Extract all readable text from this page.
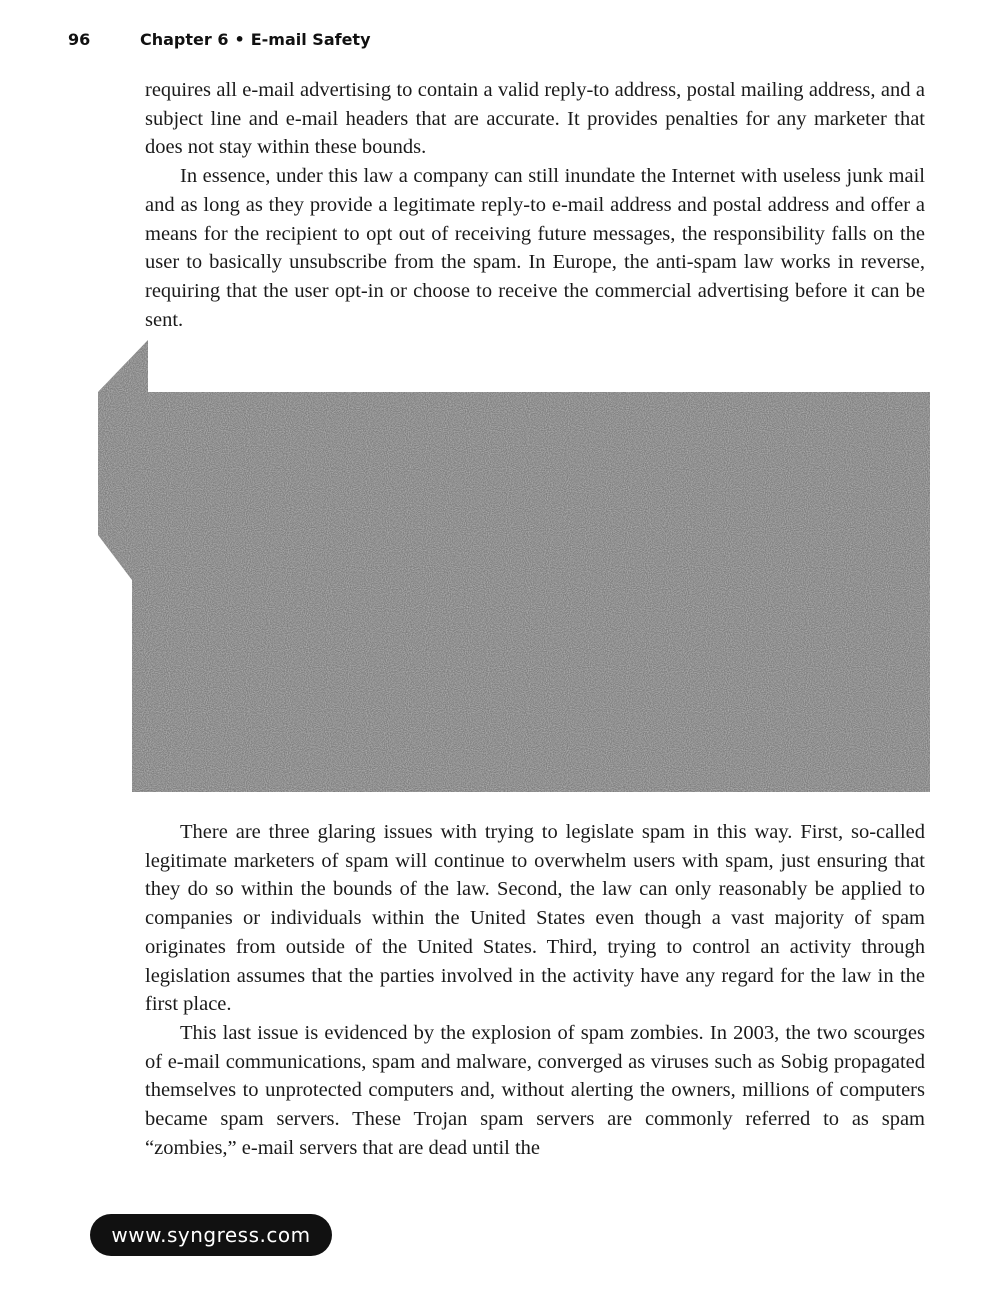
96	Chapter 6 • E-mail Safety

requires all e-mail advertising to contain a valid reply-to address, postal mailing address, and a subject line and e-mail headers that are accurate. It provides penalties for any marketer that does not stay within these bounds.

In essence, under this law a company can still inundate the Internet with useless junk mail and as long as they provide a legitimate reply-to e-mail address and postal address and offer a means for the recipient to opt out of receiving future messages, the responsibility falls on the user to basically unsubscribe from the spam. In Europe, the anti-spam law works in reverse, requiring that the user opt-in or choose to receive the commercial advertising before it can be sent.

There are three glaring issues with trying to legislate spam in this way. First, so-called legitimate marketers of spam will continue to overwhelm users with spam, just ensuring that they do so within the bounds of the law. Second, the law can only reasonably be applied to companies or individuals within the United States even though a vast majority of spam originates from outside of the United States. Third, trying to control an activity through legislation assumes that the parties involved in the activity have any regard for the law in the first place.

This last issue is evidenced by the explosion of spam zombies. In 2003, the two scourges of e-mail communications, spam and malware, converged as viruses such as Sobig propagated themselves to unprotected computers and, without alerting the owners, millions of computers became spam servers. These Trojan spam servers are commonly referred to as spam “zombies,” e-mail servers that are dead until the

www.syngress.com
